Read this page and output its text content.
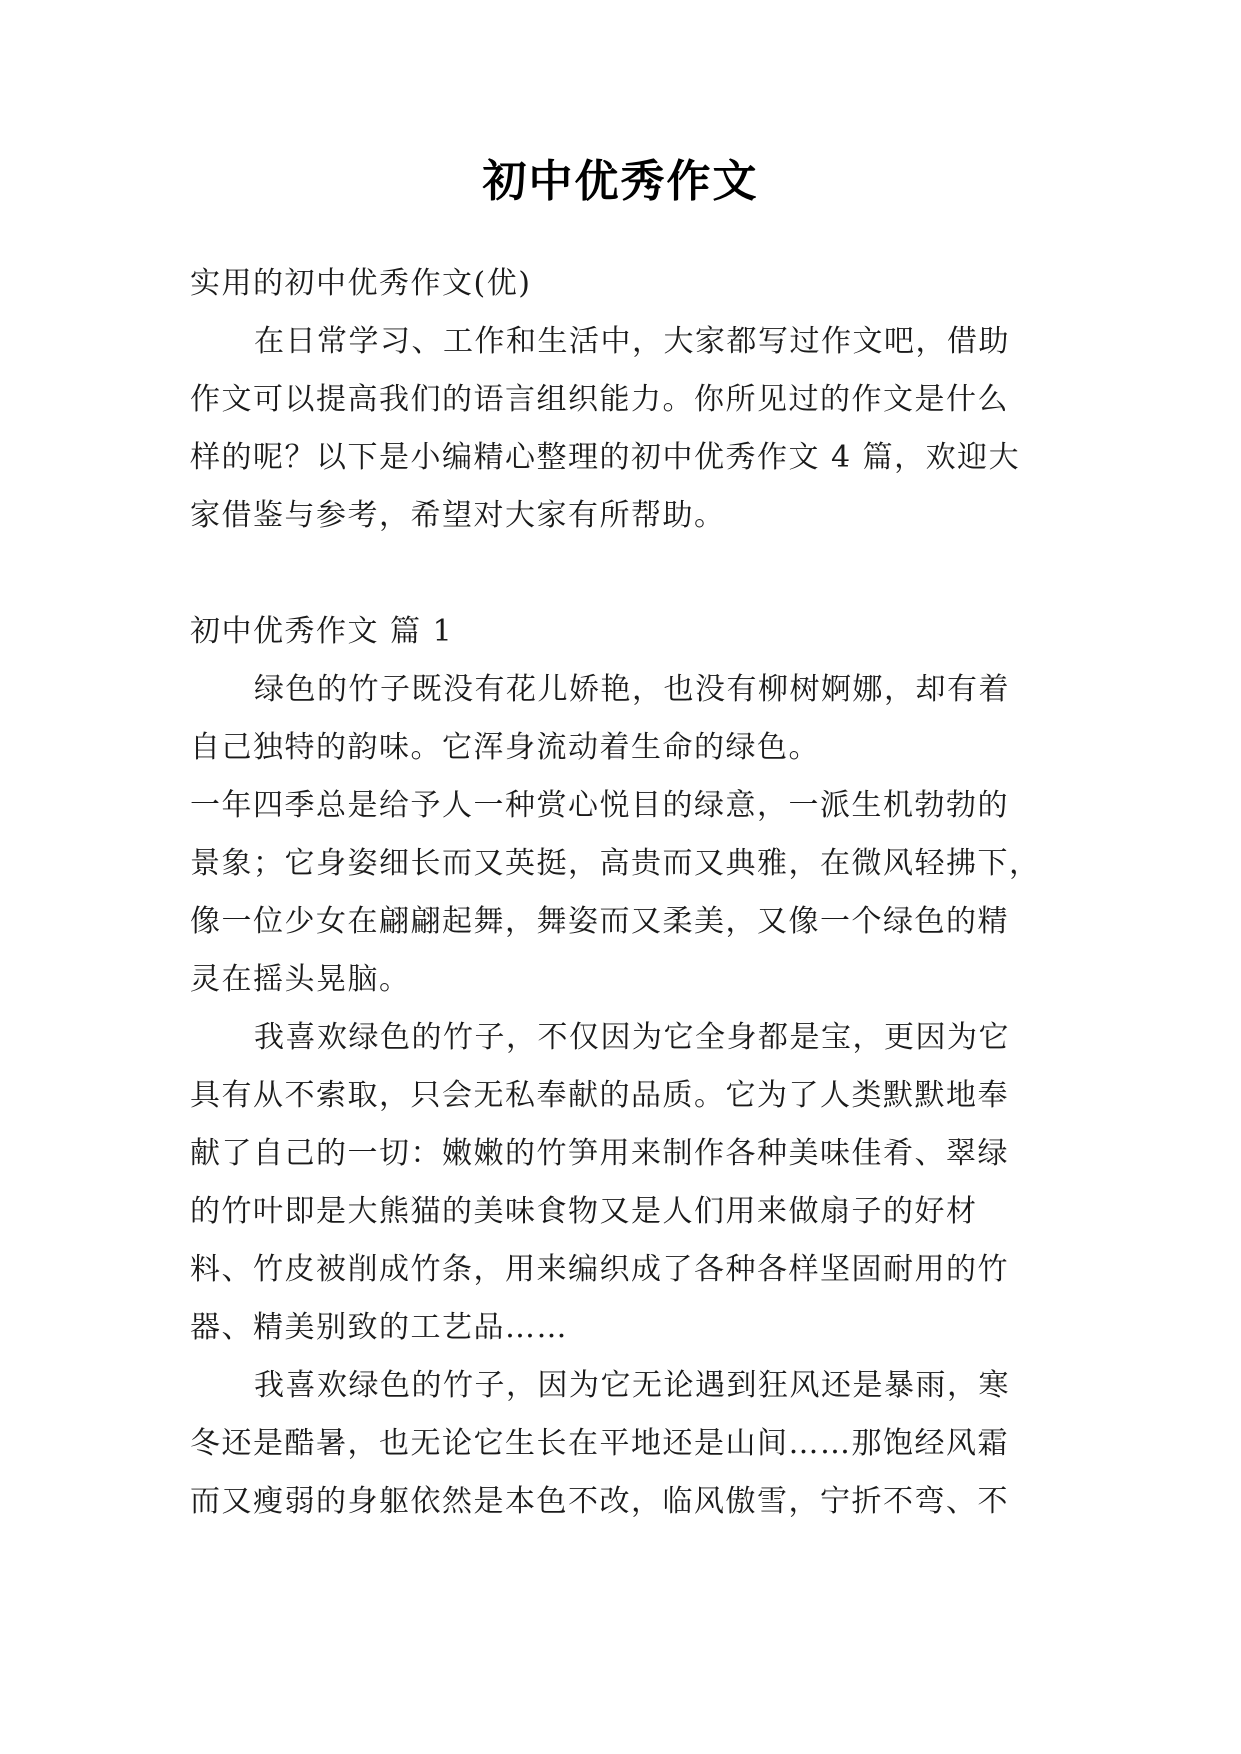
初中优秀作文

实用的初中优秀作文(优)

在日常学习、工作和生活中，大家都写过作文吧，借助

作文可以提高我们的语言组织能力。你所见过的作文是什么

样的呢？以下是小编精心整理的初中优秀作文 4 篇，欢迎大

家借鉴与参考，希望对大家有所帮助。

初中优秀作文 篇 1

绿色的竹子既没有花儿娇艳，也没有柳树婀娜，却有着

自己独特的韵味。它浑身流动着生命的绿色。

一年四季总是给予人一种赏心悦目的绿意，一派生机勃勃的

景象；它身姿细长而又英挺，高贵而又典雅，在微风轻拂下，

像一位少女在翩翩起舞，舞姿而又柔美，又像一个绿色的精

灵在摇头晃脑。

我喜欢绿色的竹子，不仅因为它全身都是宝，更因为它

具有从不索取，只会无私奉献的品质。它为了人类默默地奉

献了自己的一切：嫩嫩的竹笋用来制作各种美味佳肴、翠绿

的竹叶即是大熊猫的美味食物又是人们用来做扇子的好材

料、竹皮被削成竹条，用来编织成了各种各样坚固耐用的竹

器、精美别致的工艺品……

我喜欢绿色的竹子，因为它无论遇到狂风还是暴雨，寒

冬还是酷暑，也无论它生长在平地还是山间……那饱经风霜

而又瘦弱的身躯依然是本色不改，临风傲雪，宁折不弯、不
